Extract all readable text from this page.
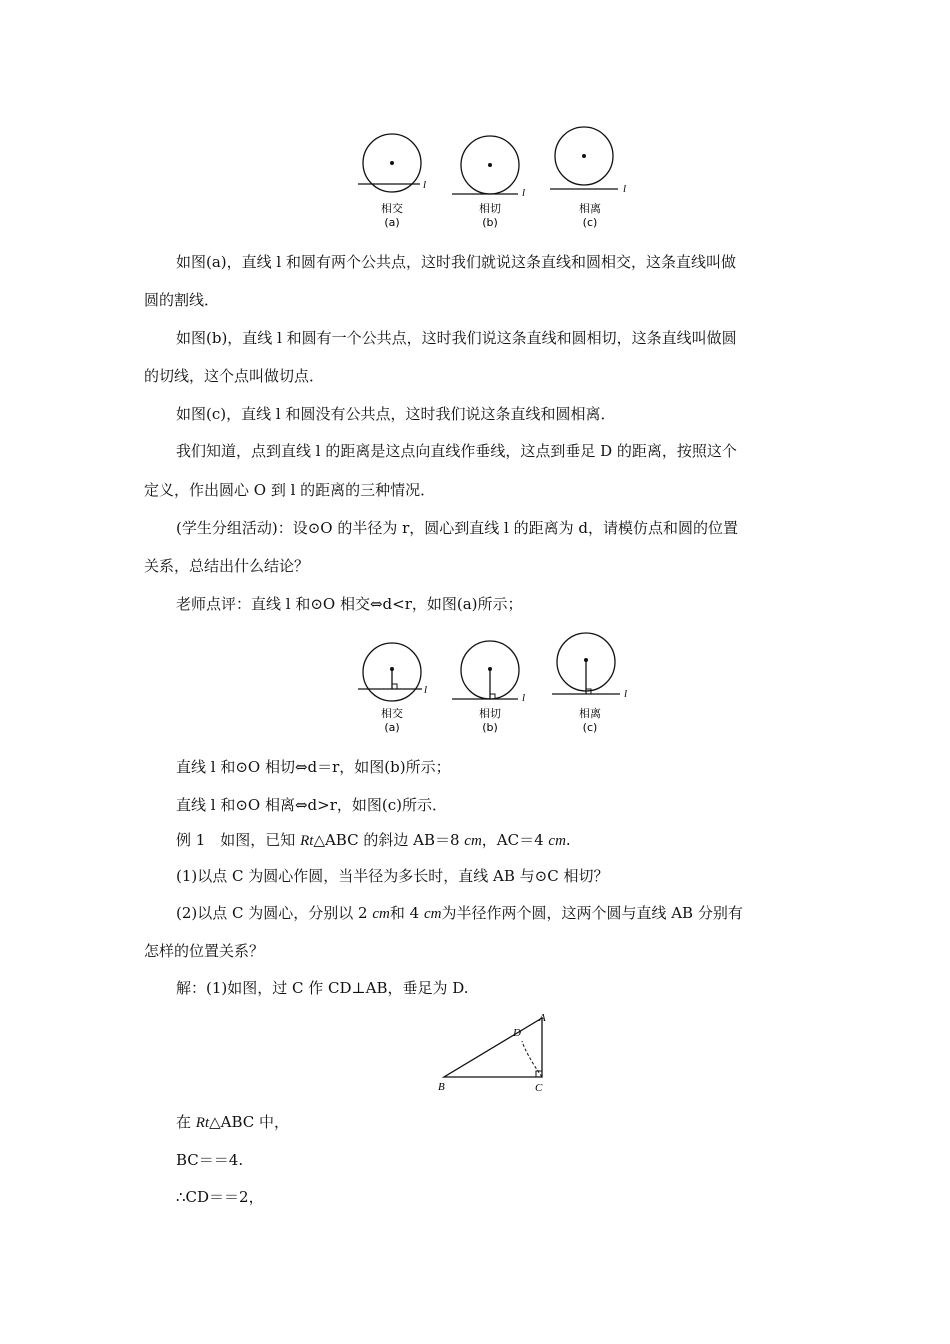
l
相交
(a)
l
相切
(b)
l
相离
(c)
如图(a)，直线 l 和圆有两个公共点，这时我们就说这条直线和圆相交，这条直线叫做
圆的割线．
如图(b)，直线 l 和圆有一个公共点，这时我们说这条直线和圆相切，这条直线叫做圆
的切线，这个点叫做切点．
如图(c)，直线 l 和圆没有公共点，这时我们说这条直线和圆相离．
我们知道，点到直线 l 的距离是这点向直线作垂线，这点到垂足 D 的距离，按照这个
定义，作出圆心 O 到 l 的距离的三种情况．
(学生分组活动)：设⊙O 的半径为 r，圆心到直线 l 的距离为 d，请模仿点和圆的位置
关系，总结出什么结论？
老师点评：直线 l 和⊙O 相交⇔d<r，如图(a)所示；
l
相交
(a)
l
相切
(b)
l
相离
(c)
直线 l 和⊙O 相切⇔d＝r，如图(b)所示；
直线 l 和⊙O 相离⇔d>r，如图(c)所示．
例 1　如图，已知 Rt△ABC 的斜边 AB＝8 cm，AC＝4 cm.
(1)以点 C 为圆心作圆，当半径为多长时，直线 AB 与⊙C 相切？
(2)以点 C 为圆心，分别以 2 cm和 4 cm为半径作两个圆，这两个圆与直线 AB 分别有
怎样的位置关系？
解：(1)如图，过 C 作 CD⊥AB，垂足为 D.
A
D
B	C
在 Rt△ABC 中，
BC＝＝4.
∴CD＝＝2，
